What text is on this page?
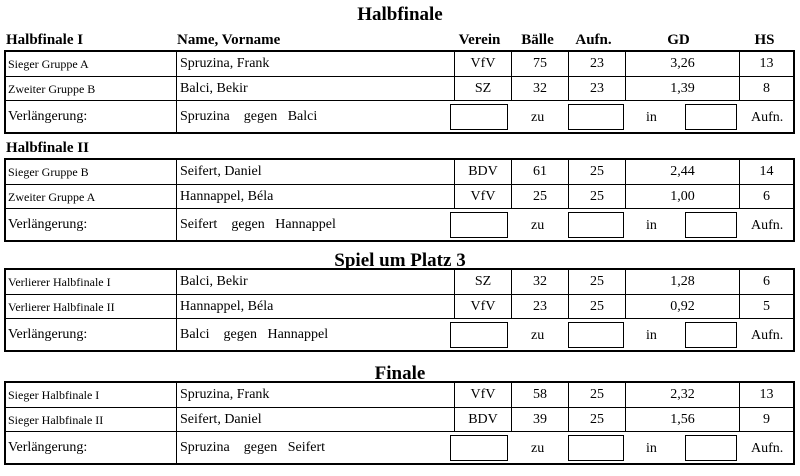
Halbfinale
Halbfinale I	Name, Vorname	Verein	Bälle	Aufn.	GD	HS
Halbfinale II
Spiel um Platz 3
Finale
Sieger Gruppe A	Spruzina, Frank	VfV	75	23	3,26	13
Zweiter Gruppe B	Balci, Bekir	SZ	32	23	1,39	8
Verlängerung:	Spruzina    gegen   Balci	zu	in	Aufn.
Sieger Gruppe B	Seifert, Daniel	BDV	61	25	2,44	14
Zweiter Gruppe A	Hannappel, Béla	VfV	25	25	1,00	6
Verlängerung:	Seifert    gegen   Hannappel	zu	in	Aufn.
Verlierer Halbfinale I	Balci, Bekir	SZ	32	25	1,28	6
Verlierer Halbfinale II	Hannappel, Béla	VfV	23	25	0,92	5
Verlängerung:	Balci    gegen   Hannappel	zu	in	Aufn.
Sieger Halbfinale I	Spruzina, Frank	VfV	58	25	2,32	13
Sieger Halbfinale II	Seifert, Daniel	BDV	39	25	1,56	9
Verlängerung:	Spruzina    gegen   Seifert	zu	in	Aufn.
